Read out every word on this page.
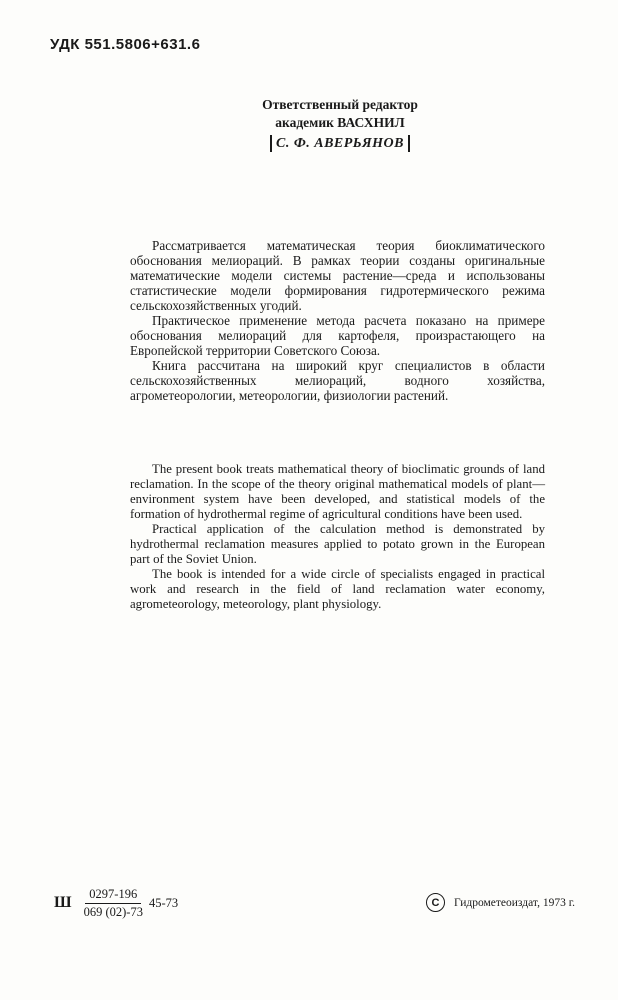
УДК 551.5806+631.6
Ответственный редактор
академик ВАСХНИЛ
С. Ф. АВЕРЬЯНОВ

Рассматривается математическая теория биоклиматического обоснования мелиораций. В рамках теории созданы оригинальные математические модели системы растение—среда и использованы статистические модели формирования гидротермического режима сельскохозяйственных угодий.

Практическое применение метода расчета показано на примере обоснования мелиораций для картофеля, произрастающего на Европейской территории Советского Союза.

Книга рассчитана на широкий круг специалистов в области сельскохозяйственных мелиораций, водного хозяйства, агрометеорологии, метеорологии, физиологии растений.

The present book treats mathematical theory of bioclimatic grounds of land reclamation. In the scope of the theory original mathematical models of plant—environment system have been developed, and statistical models of the formation of hydrothermal regime of agricultural conditions have been used.

Practical application of the calculation method is demonstrated by hydrothermal reclamation measures applied to potato grown in the European part of the Soviet Union.

The book is intended for a wide circle of specialists engaged in practical work and research in the field of land reclamation water economy, agrometeorology, meteorology, plant physiology.

Ш $\frac{0297-196}{069 (02)-73} 45-73$	C	Гидрометеоиздат, 1973 г.
